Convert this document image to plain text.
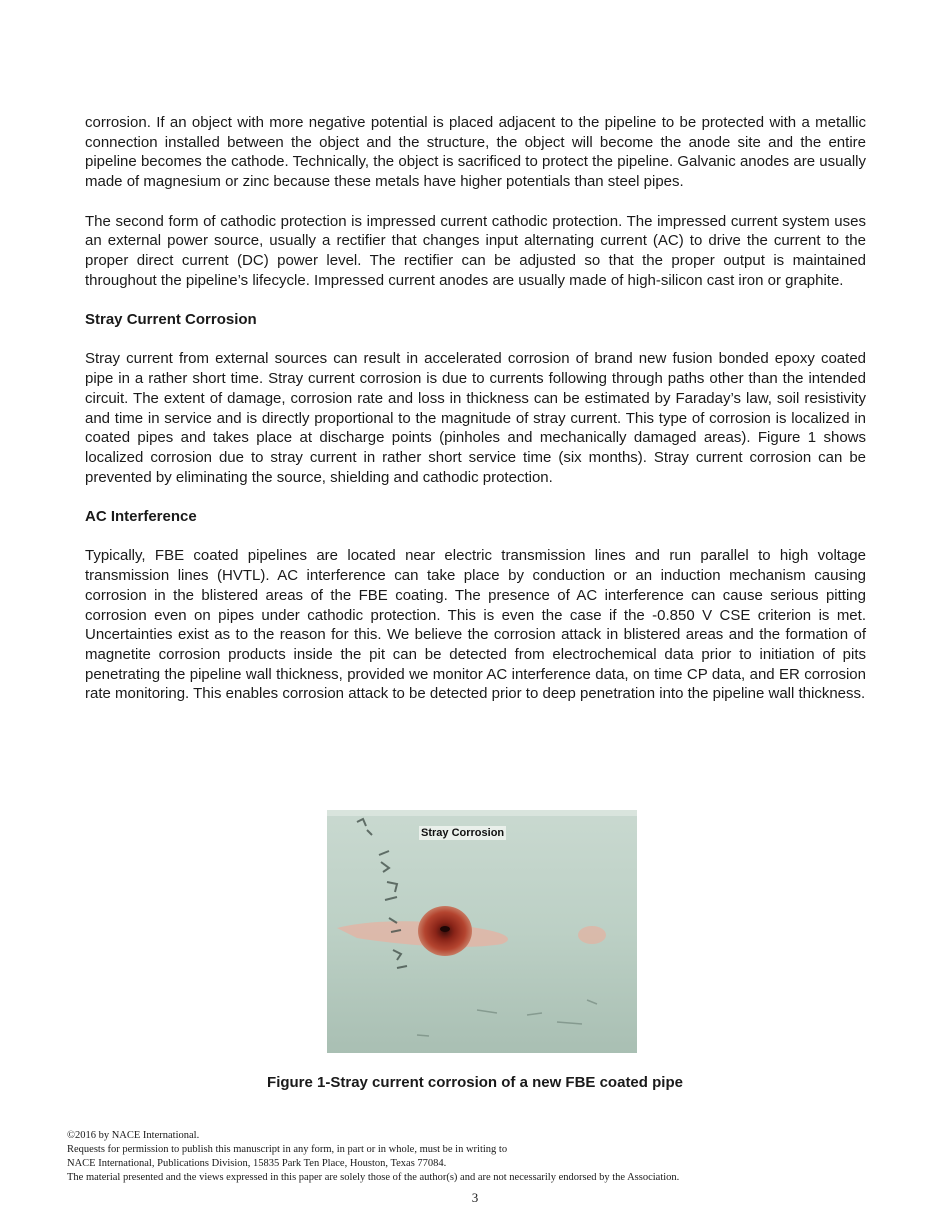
corrosion. If an object with more negative potential is placed adjacent to the pipeline to be protected with a metallic connection installed between the object and the structure, the object will become the anode site and the entire pipeline becomes the cathode. Technically, the object is sacrificed to protect the pipeline. Galvanic anodes are usually made of magnesium or zinc because these metals have higher potentials than steel pipes.

The second form of cathodic protection is impressed current cathodic protection. The impressed current system uses an external power source, usually a rectifier that changes input alternating current (AC) to drive the current to the proper direct current (DC) power level. The rectifier can be adjusted so that the proper output is maintained throughout the pipeline’s lifecycle. Impressed current anodes are usually made of high-silicon cast iron or graphite.

Stray Current Corrosion

Stray current from external sources can result in accelerated corrosion of brand new fusion bonded epoxy coated pipe in a rather short time. Stray current corrosion is due to currents following through paths other than the intended circuit. The extent of damage, corrosion rate and loss in thickness can be estimated by Faraday’s law, soil resistivity and time in service and is directly proportional to the magnitude of stray current. This type of corrosion is localized in coated pipes and takes place at discharge points (pinholes and mechanically damaged areas). Figure 1 shows localized corrosion due to stray current in rather short service time (six months). Stray current corrosion can be prevented by eliminating the source, shielding and cathodic protection.

AC Interference

Typically, FBE coated pipelines are located near electric transmission lines and run parallel to high voltage transmission lines (HVTL). AC interference can take place by conduction or an induction mechanism causing corrosion in the blistered areas of the FBE coating. The presence of AC interference can cause serious pitting corrosion even on pipes under cathodic protection. This is even the case if the -0.850 V CSE criterion is met. Uncertainties exist as to the reason for this. We believe the corrosion attack in blistered areas and the formation of magnetite corrosion products inside the pit can be detected from electrochemical data prior to initiation of pits penetrating the pipeline wall thickness, provided we monitor AC interference data, on time CP data, and ER corrosion rate monitoring. This enables corrosion attack to be detected prior to deep penetration into the pipeline wall thickness.

Stray Corrosion
Figure 1-Stray current corrosion of a new FBE coated pipe
©2016 by NACE International.
Requests for permission to publish this manuscript in any form, in part or in whole, must be in writing to
NACE International, Publications Division, 15835 Park Ten Place, Houston, Texas 77084.
The material presented and the views expressed in this paper are solely those of the author(s) and are not necessarily endorsed by the Association.
3
